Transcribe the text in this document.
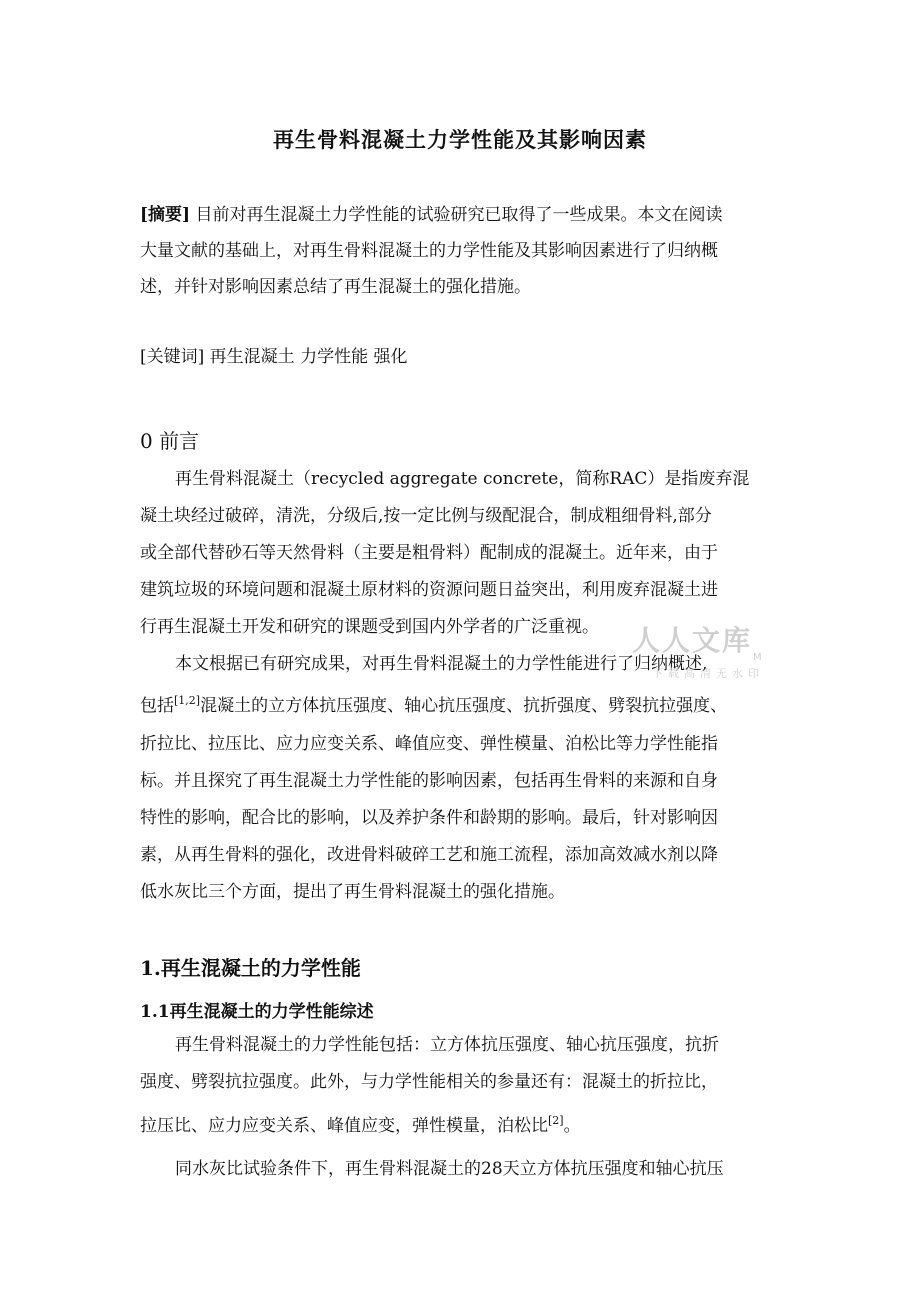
再生骨料混凝土力学性能及其影响因素
[摘要] 目前对再生混凝土力学性能的试验研究已取得了一些成果。本文在阅读
大量文献的基础上，对再生骨料混凝土的力学性能及其影响因素进行了归纳概
述，并针对影响因素总结了再生混凝土的强化措施。
[关键词] 再生混凝土 力学性能 强化
0 前言
再生骨料混凝土（recycled aggregate concrete，简称RAC）是指废弃混
凝土块经过破碎，清洗，分级后,按一定比例与级配混合，制成粗细骨料,部分
或全部代替砂石等天然骨料（主要是粗骨料）配制成的混凝土。近年来，由于
建筑垃圾的环境问题和混凝土原材料的资源问题日益突出，利用废弃混凝土进
行再生混凝土开发和研究的课题受到国内外学者的广泛重视。
本文根据已有研究成果，对再生骨料混凝土的力学性能进行了归纳概述,
包括[1,2]混凝土的立方体抗压强度、轴心抗压强度、抗折强度、劈裂抗拉强度、
折拉比、拉压比、应力应变关系、峰值应变、弹性模量、泊松比等力学性能指
标。并且探究了再生混凝土力学性能的影响因素，包括再生骨料的来源和自身
特性的影响，配合比的影响，以及养护条件和龄期的影响。最后，针对影响因
素，从再生骨料的强化，改进骨料破碎工艺和施工流程，添加高效减水剂以降
低水灰比三个方面，提出了再生骨料混凝土的强化措施。
1.再生混凝土的力学性能
1.1再生混凝土的力学性能综述
再生骨料混凝土的力学性能包括：立方体抗压强度、轴心抗压强度，抗折
强度、劈裂抗拉强度。此外，与力学性能相关的参量还有：混凝土的折拉比，
拉压比、应力应变关系、峰值应变，弹性模量，泊松比[2]。
同水灰比试验条件下，再生骨料混凝土的28天立方体抗压强度和轴心抗压
人人文库
M
下载高清无水印
